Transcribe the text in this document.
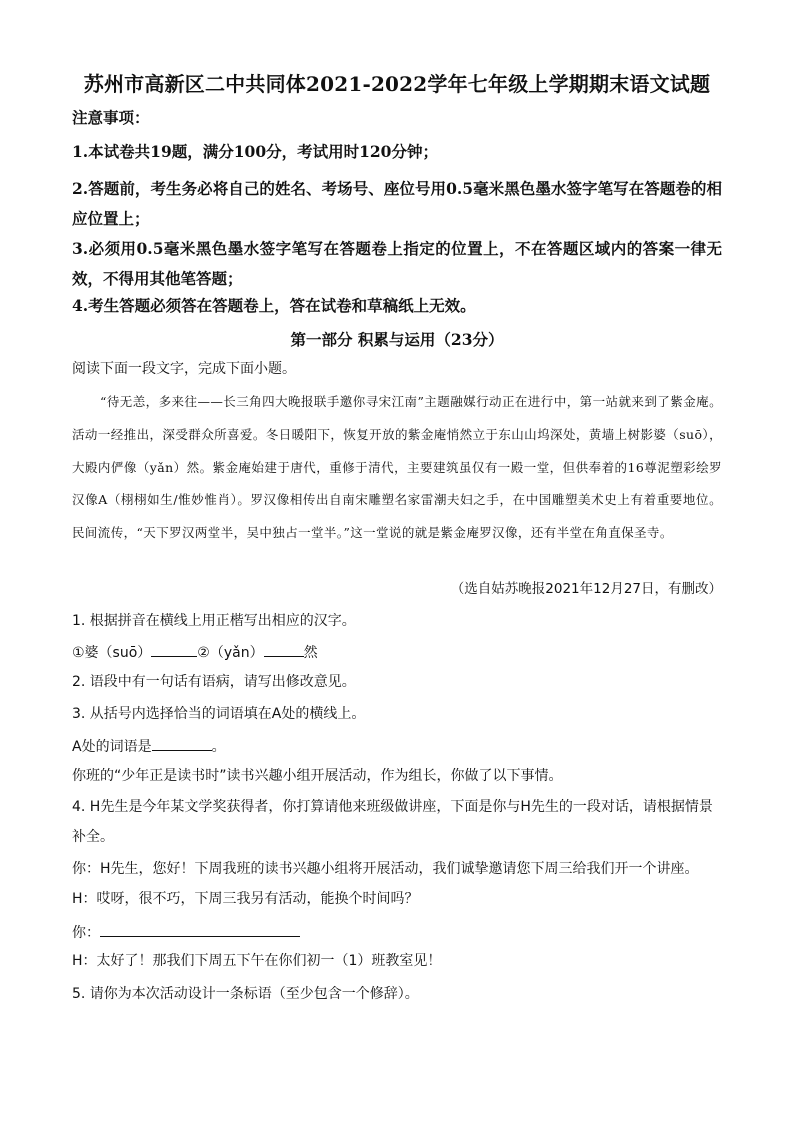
苏州市高新区二中共同体2021-2022学年七年级上学期期末语文试题
注意事项：
1.本试卷共19题，满分100分，考试用时120分钟；
2.答题前，考生务必将自己的姓名、考场号、座位号用0.5毫米黑色墨水签字笔写在答题卷的相应位置上；
3.必须用0.5毫米黑色墨水签字笔写在答题卷上指定的位置上，不在答题区域内的答案一律无效，不得用其他笔答题；
4.考生答题必须答在答题卷上，答在试卷和草稿纸上无效。
第一部分 积累与运用（23分）
阅读下面一段文字，完成下面小题。
“待无恙，多来往——长三角四大晚报联手邀你寻宋江南”主题融媒行动正在进行中，第一站就来到了紫金庵。活动一经推出，深受群众所喜爱。冬日暖阳下，恢复开放的紫金庵悄然立于东山山坞深处，黄墙上树影婆（suō），大殿内俨像（yǎn）然。紫金庵始建于唐代，重修于清代，主要建筑虽仅有一殿一堂，但供奉着的16尊泥塑彩绘罗汉像A（栩栩如生/惟妙惟肖）。罗汉像相传出自南宋雕塑名家雷潮夫妇之手，在中国雕塑美术史上有着重要地位。民间流传，“天下罗汉两堂半，吴中独占一堂半。”这一堂说的就是紫金庵罗汉像，还有半堂在角直保圣寺。
（选自姑苏晚报2021年12月27日，有删改）
1. 根据拼音在横线上用正楷写出相应的汉字。
①婆（suō）	②（yǎn）	然
2. 语段中有一句话有语病，请写出修改意见。
3. 从括号内选择恰当的词语填在A处的横线上。
A处的词语是	。
你班的“少年正是读书时”读书兴趣小组开展活动，作为组长，你做了以下事情。
4. H先生是今年某文学奖获得者，你打算请他来班级做讲座，下面是你与H先生的一段对话，请根据情景
补全。
你：H先生，您好！下周我班的读书兴趣小组将开展活动，我们诚挚邀请您下周三给我们开一个讲座。
H：哎呀，很不巧，下周三我另有活动，能换个时间吗？
你：
H：太好了！那我们下周五下午在你们初一（1）班教室见！
5. 请你为本次活动设计一条标语（至少包含一个修辞）。
